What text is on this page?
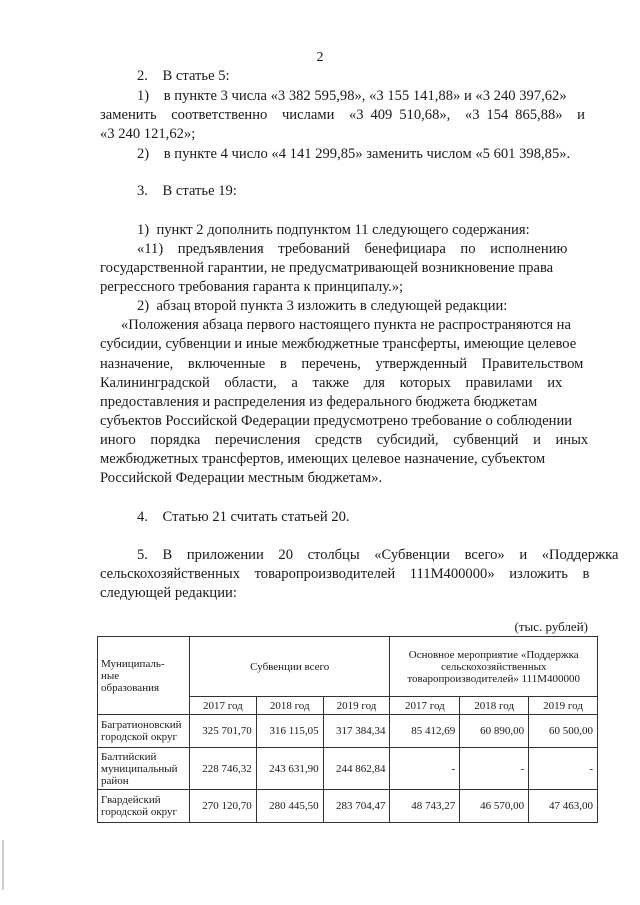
2
2. В статье 5:
1) в пункте 3 числа «3 382 595,98», «3 155 141,88» и «3 240 397,62»
заменить соответственно числами «3 409 510,68», «3 154 865,88» и
«3 240 121,62»;
2) в пункте 4 число «4 141 299,85» заменить числом «5 601 398,85».
3. В статье 19:
1) пункт 2 дополнить подпунктом 11 следующего содержания:
«11) предъявления требований бенефициара по исполнению
государственной гарантии, не предусматривающей возникновение права
регрессного требования гаранта к принципалу.»;
2) абзац второй пункта 3 изложить в следующей редакции:
«Положения абзаца первого настоящего пункта не распространяются на
субсидии, субвенции и иные межбюджетные трансферты, имеющие целевое
назначение, включенные в перечень, утвержденный Правительством
Калининградской области, а также для которых правилами их
предоставления и распределения из федерального бюджета бюджетам
субъектов Российской Федерации предусмотрено требование о соблюдении
иного порядка перечисления средств субсидий, субвенций и иных
межбюджетных трансфертов, имеющих целевое назначение, субъектом
Российской Федерации местным бюджетам».
4. Статью 21 считать статьей 20.
5. В приложении 20 столбцы «Субвенции всего» и «Поддержка
сельскохозяйственных товаропроизводителей 111М400000» изложить в
следующей редакции:
(тыс. рублей)
Муниципаль-
ные
образования	Субвенции всего			Основное мероприятие «Поддержка сельскохозяйственных товаропроизводителей» 111М400000		
	2017 год	2018 год	2019 год	2017 год	2018 год	2019 год
Багратионовский городской округ	325 701,70	316 115,05	317 384,34	85 412,69	60 890,00	60 500,00
Балтийский муниципальный район	228 746,32	243 631,90	244 862,84	-	-	-
Гвардейский городской округ	270 120,70	280 445,50	283 704,47	48 743,27	46 570,00	47 463,00
